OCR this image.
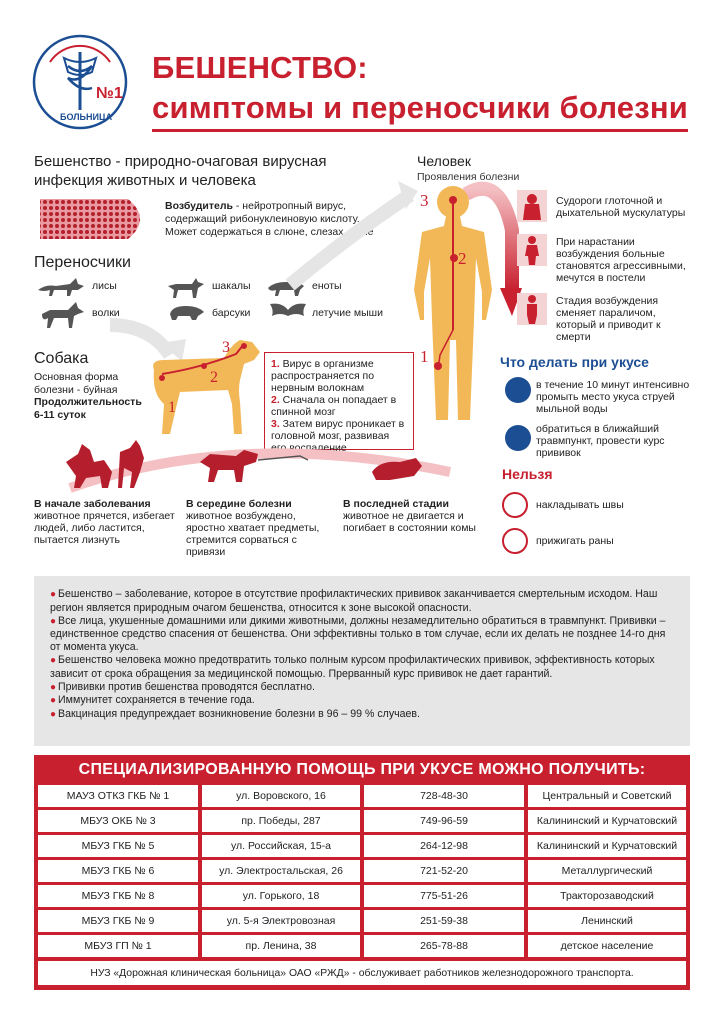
№1
БОЛЬНИЦА
БЕШЕНСТВО:
симптомы и переносчики болезни
Бешенство - природно-очаговая вирусная
инфекция животных и человека
Возбудитель - нейротропный вирус, содержащий рибонуклеиновую кислоту. Может содержаться в слюне, слезах, моче
Переносчики
лисы
волки
шакалы
барсуки
еноты
летучие мыши
Собака
Основная форма болезни - буйная
Продолжительность 6-11 суток	1
2
3
1. Вирус в организме распространяется по нервным волокнам
2. Сначала он попадает в спинной мозг
3. Затем вирус проникает в головной мозг, развивая его воспаление
Человек
Проявления болезни
3
2
1
Судороги глоточной и дыхательной мускулатуры
При нарастании возбуждения больные становятся агрессивными, мечутся в постели
Стадия возбуждения сменяет параличом, который и приводит к смерти
Что делать при укусе
в течение 10 минут интенсивно промыть место укуса струей мыльной воды
обратиться в ближайший травмпункт, провести курс прививок
Нельзя
накладывать швы
прижигать раны
В начале заболевания
животное прячется, избегает людей, либо ластится, пытается лизнуть
В середине болезни
животное возбуждено, яростно хватает предметы, стремится сорваться с привязи
В последней стадии
животное не двигается и погибает в состоянии комы

● Бешенство – заболевание, которое в отсутствие профилактических прививок заканчивается смертельным исходом. Наш регион является природным очагом бешенства, относится к зоне высокой опасности.

● Все лица, укушенные домашними или дикими животными, должны незамедлительно обратиться в травмпункт. Прививки – единственное средство спасения от бешенства. Они эффективны только в том случае, если их делать не позднее 14-го дня от момента укуса.

● Бешенство человека можно предотвратить только полным курсом профилактических прививок, эффективность которых зависит от срока обращения за медицинской помощью. Прерванный курс прививок не дает гарантий.

● Прививки против бешенства проводятся бесплатно.

● Иммунитет сохраняется в течение года.

● Вакцинация предупреждает возникновение болезни в 96 – 99 % случаев.

СПЕЦИАЛИЗИРОВАННУЮ ПОМОЩЬ ПРИ УКУСЕ МОЖНО ПОЛУЧИТЬ:
МАУЗ ОТКЗ ГКБ № 1	ул. Воровского, 16	728-48-30	Центральный и Советский
МБУЗ ОКБ № 3	пр. Победы, 287	749-96-59	Калининский и Курчатовский
МБУЗ ГКБ № 5	ул. Российская, 15-а	264-12-98	Калининский и Курчатовский
МБУЗ ГКБ № 6	ул. Электростальская, 26	721-52-20	Металлургический
МБУЗ ГКБ № 8	ул. Горького, 18	775-51-26	Тракторозаводский
МБУЗ ГКБ № 9	ул. 5-я Электровозная	251-59-38	Ленинский
МБУЗ ГП № 1	пр. Ленина, 38	265-78-88	детское население
НУЗ «Дорожная клиническая больница» ОАО «РЖД» - обслуживает работников железнодорожного транспорта.
